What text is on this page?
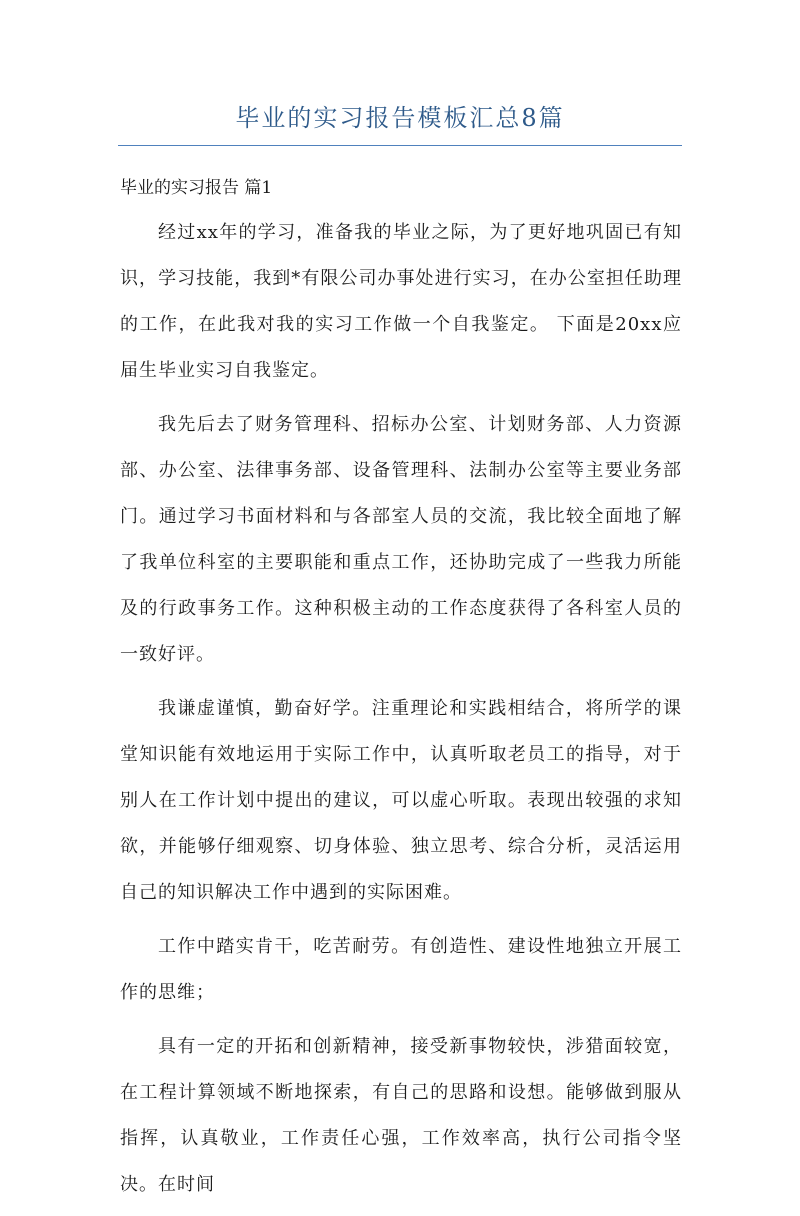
毕业的实习报告模板汇总8篇
毕业的实习报告 篇1

经过xx年的学习，准备我的毕业之际，为了更好地巩固已有知识，学习技能，我到*有限公司办事处进行实习，在办公室担任助理的工作，在此我对我的实习工作做一个自我鉴定。 下面是20xx应届生毕业实习自我鉴定。

我先后去了财务管理科、招标办公室、计划财务部、人力资源部、办公室、法律事务部、设备管理科、法制办公室等主要业务部门。通过学习书面材料和与各部室人员的交流，我比较全面地了解了我单位科室的主要职能和重点工作，还协助完成了一些我力所能及的行政事务工作。这种积极主动的工作态度获得了各科室人员的一致好评。

我谦虚谨慎，勤奋好学。注重理论和实践相结合，将所学的课堂知识能有效地运用于实际工作中，认真听取老员工的指导，对于别人在工作计划中提出的建议，可以虚心听取。表现出较强的求知欲，并能够仔细观察、切身体验、独立思考、综合分析，灵活运用自己的知识解决工作中遇到的实际困难。

工作中踏实肯干，吃苦耐劳。有创造性、建设性地独立开展工作的思维；

具有一定的开拓和创新精神，接受新事物较快，涉猎面较宽，在工程计算领域不断地探索，有自己的思路和设想。能够做到服从指挥，认真敬业，工作责任心强，工作效率高，执行公司指令坚决。在时间
